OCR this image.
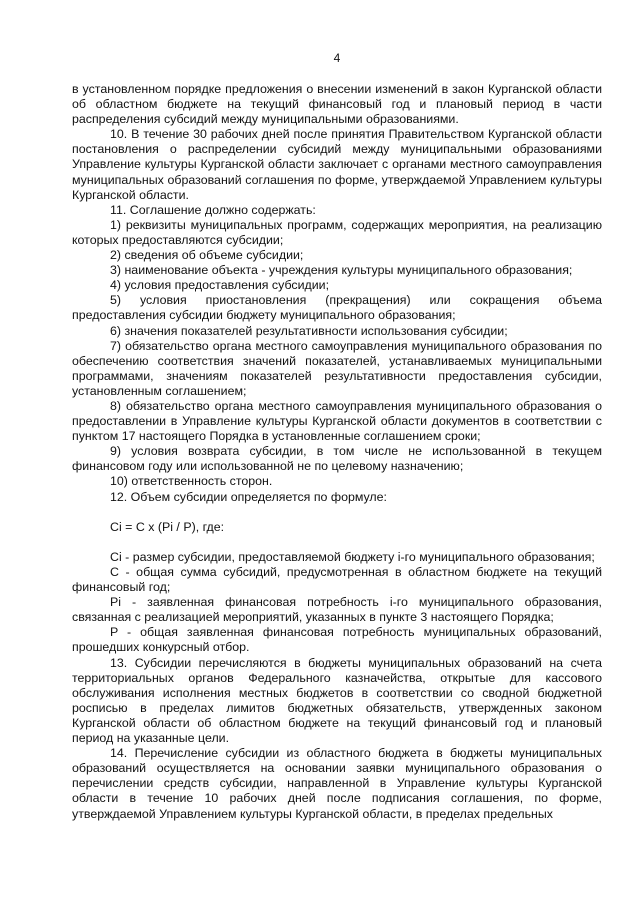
4

в установленном порядке предложения о внесении изменений в закон Курганской области об областном бюджете на текущий финансовый год и плановый период в части распределения субсидий между муниципальными образованиями.

10. В течение 30 рабочих дней после принятия Правительством Курганской области постановления о распределении субсидий между муниципальными образованиями Управление культуры Курганской области заключает с органами местного самоуправления муниципальных образований соглашения по форме, утверждаемой Управлением культуры Курганской области.

11. Соглашение должно содержать:

1) реквизиты муниципальных программ, содержащих мероприятия, на реализацию которых предоставляются субсидии;

2) сведения об объеме субсидии;

3) наименование объекта - учреждения культуры муниципального образования;

4) условия предоставления субсидии;

5) условия приостановления (прекращения) или сокращения объема предоставления субсидии бюджету муниципального образования;

6) значения показателей результативности использования субсидии;

7) обязательство органа местного самоуправления муниципального образования по обеспечению соответствия значений показателей, устанавливаемых муниципальными программами, значениям показателей результативности предоставления субсидии, установленным соглашением;

8) обязательство органа местного самоуправления муниципального образования о предоставлении в Управление культуры Курганской области документов в соответствии с пунктом 17 настоящего Порядка в установленные соглашением сроки;

9) условия возврата субсидии, в том числе не использованной в текущем финансовом году или использованной не по целевому назначению;

10) ответственность сторон.

12. Объем субсидии определяется по формуле:

Ci = C x (Pi / P), где:

Ci - размер субсидии, предоставляемой бюджету i-го муниципального образования;

C - общая сумма субсидий, предусмотренная в областном бюджете на текущий финансовый год;

Pi - заявленная финансовая потребность i-го муниципального образования, связанная с реализацией мероприятий, указанных в пункте 3 настоящего Порядка;

P - общая заявленная финансовая потребность муниципальных образований, прошедших конкурсный отбор.

13. Субсидии перечисляются в бюджеты муниципальных образований на счета территориальных органов Федерального казначейства, открытые для кассового обслуживания исполнения местных бюджетов в соответствии со сводной бюджетной росписью в пределах лимитов бюджетных обязательств, утвержденных законом Курганской области об областном бюджете на текущий финансовый год и плановый период на указанные цели.

14. Перечисление субсидии из областного бюджета в бюджеты муниципальных образований осуществляется на основании заявки муниципального образования о перечислении средств субсидии, направленной в Управление культуры Курганской области в течение 10 рабочих дней после подписания соглашения, по форме, утверждаемой Управлением культуры Курганской области, в пределах предельных
